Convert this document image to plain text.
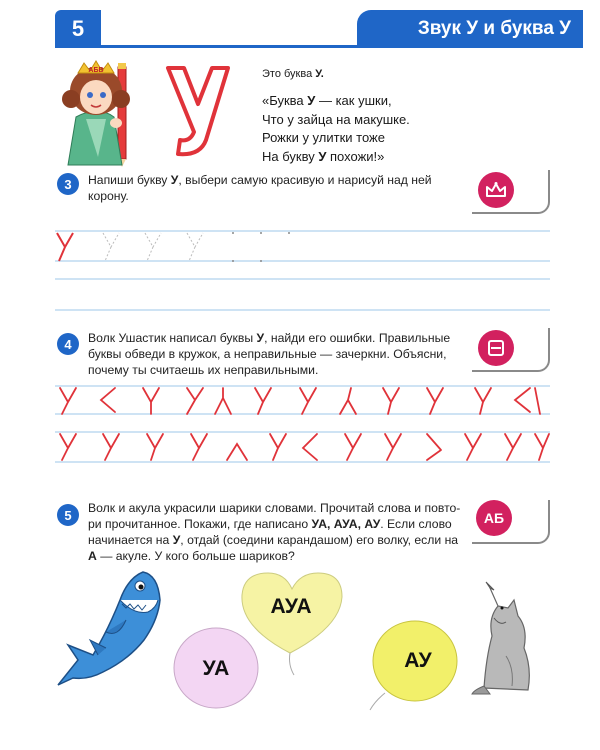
5	Звук У и буква У
АБВ	Это буква У.
«Буква У — как ушки,
Что у зайца на макушке.
Рожки у улитки тоже
На букву У похожи!»
3	Напиши букву У, выбери самую красивую и нарисуй над ней
корону.
4	Волк Ушастик написал буквы У, найди его ошибки. Правильные
буквы обведи в кружок, а неправильные — зачеркни. Объясни,
почему ты считаешь их неправильными.
5	Волк и акула украсили шарики словами. Прочитай слова и повто-
ри прочитанное. Покажи, где написано УА, АУА, АУ. Если слово
начинается на У, отдай (соедини карандашом) его волку, если на
А — акуле. У кого больше шариков?
АБ
АУА
УА	АУ
